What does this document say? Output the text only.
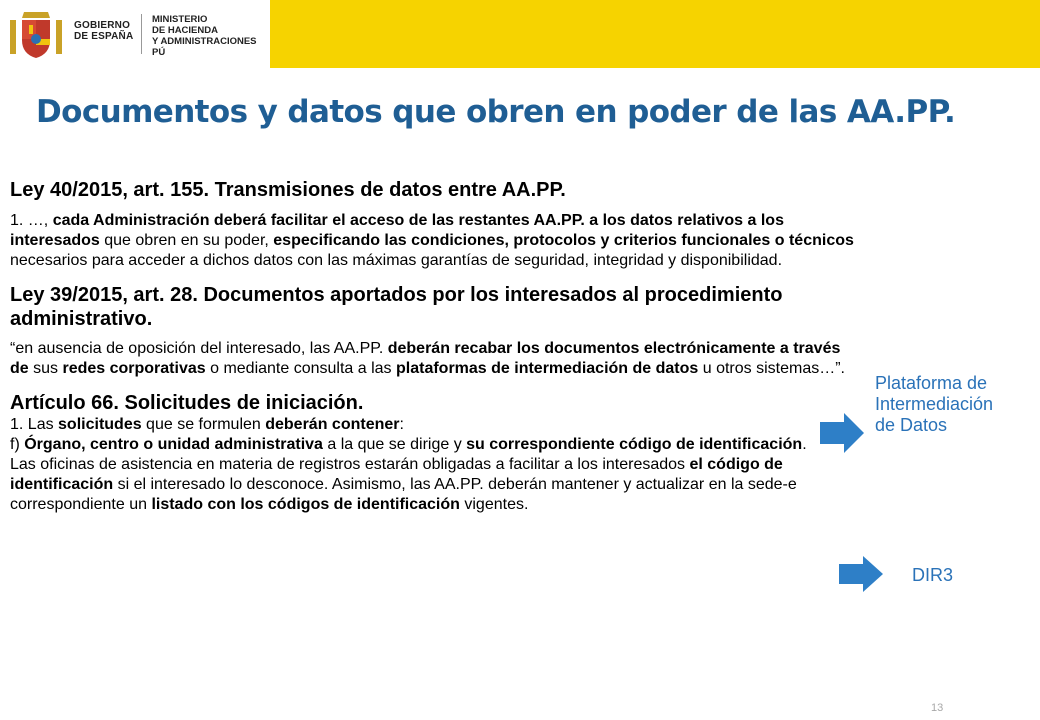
GOBIERNO
DE ESPAÑA
MINISTERIO
DE HACIENDA
Y ADMINISTRACIONES PÚ
Documentos y datos que obren en poder de las AA.PP.
Ley 40/2015, art. 155. Transmisiones de datos entre AA.PP.

1. …, cada Administración deberá facilitar el acceso de las restantes AA.PP. a los datos relativos a los interesados que obren en su poder, especificando las condiciones, protocolos y criterios funcionales o técnicos necesarios para acceder a dichos datos con las máximas garantías de seguridad, integridad y disponibilidad.

Ley 39/2015, art. 28. Documentos aportados por los interesados al procedimiento administrativo.

“en ausencia de oposición del interesado, las AA.PP. deberán recabar los documentos electrónicamente a través de sus redes corporativas o mediante consulta a las plataformas de intermediación de datos u otros sistemas…”.

Artículo 66. Solicitudes de iniciación.

1. Las solicitudes que se formulen deberán contener:

f) Órgano, centro o unidad administrativa a la que se dirige y su correspondiente código de identificación.

Las oficinas de asistencia en materia de registros estarán obligadas a facilitar a los interesados el código de identificación si el interesado lo desconoce. Asimismo, las AA.PP. deberán mantener y actualizar en la sede-e correspondiente un listado con los códigos de identificación vigentes.

Plataforma de
Intermediación
de Datos
DIR3
13
